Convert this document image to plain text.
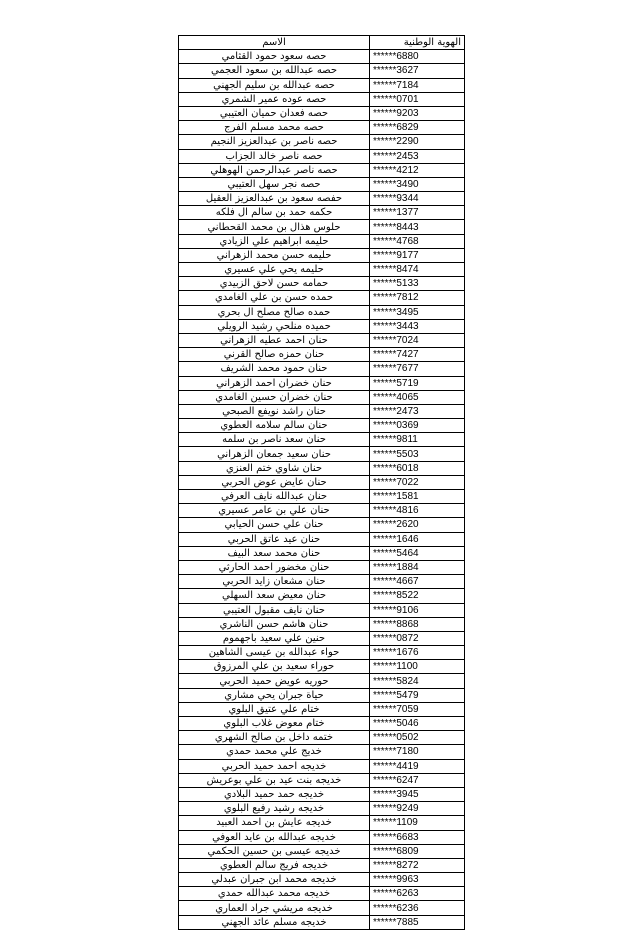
الاسم	الهوية الوطنية
حصه سعود حمود القثامي	******6880
حصه عبدالله بن سعود العجمي	******3627
حصه عبدالله بن سليم الجهني	******7184
حصه عوده عمير الشمري	******0701
حصه فعدان حميان العتيبي	******9203
حصه محمد مسلم الفرج	******6829
حصه ناصر بن عبدالعزيز النجيم	******2290
حصه ناصر خالد الجزاب	******2453
حصه ناصر عبدالرحمن الهوهلي	******4212
حصه نجر سهل العتيبي	******3490
حفصه سعود بن عبدالعزيز العقيل	******9344
حكمه حمد بن سالم ال فلكه	******1377
حلوس هذال بن محمد القحطاني	******8443
حليمه ابراهيم علي الزيادي	******4768
حليمه حسن محمد الزهراني	******9177
حليمه يحي علي عسيري	******8474
حمامه حسن لاحق الزبيدي	******5133
حمده حسن بن علي الغامدي	******7812
حمده صالح مصلح ال بحري	******3495
حميده منلحي رشيد الرويلي	******3443
حنان احمد عطيه الزهراني	******7024
حنان حمزه صالح القرني	******7427
حنان حمود محمد الشريف	******7677
حنان خضران احمد الزهراني	******5719
حنان خضران حسين الغامدي	******4065
حنان راشد نويفع الصبحي	******2473
حنان سالم سلامه العطوي	******0369
حنان سعد ناصر بن سلمه	******9811
حنان سعيد جمعان الزهراني	******5503
حنان شاوي ختم العنزي	******6018
حنان عايض عوض الحربي	******7022
حنان عبدالله نايف العرفي	******1581
حنان علي بن عامر عسيري	******4816
حنان علي حسن الحيابي	******2620
حنان عيد عاتق الحربي	******1646
حنان محمد سعد البيف	******5464
حنان مخضور احمد الحارثي	******1884
حنان مشعان زايد الحربي	******4667
حنان معيض سعد السهلي	******8522
حنان نايف مقبول العتيبي	******9106
حنان هاشم حسن الناشري	******8868
حنين علي سعيد باجهموم	******0872
حواء عبدالله بن عيسى الشاهين	******1676
حوراء سعيد بن علي المرزوق	******1100
حوريه عويض حميد الحربي	******5824
حياة جبران يحي مشاري	******5479
ختام علي عتيق البلوي	******7059
ختام معوض غلاب البلوي	******5046
ختمه داخل بن صالح الشهري	******0502
خديج علي محمد حمدي	******7180
خديجه احمد حميد الحربي	******4419
خديجه بنت عيد بن علي بوعريش	******6247
خديجه حمد حميد البلادي	******3945
خديجه رشيد رفيع البلوي	******9249
خديجه عايش بن احمد العبيد	******1109
خديجه عبدالله بن عايد العوفي	******6683
خديجه عيسى بن حسين الحكمي	******6809
خديجه فريج سالم العطوي	******8272
خديجه محمد ابن جبران عبدلي	******9963
خديجه محمد عبدالله حمدي	******6263
خديجه مريشي جراد العماري	******6236
خديجه مسلم عائد الجهني	******7885
